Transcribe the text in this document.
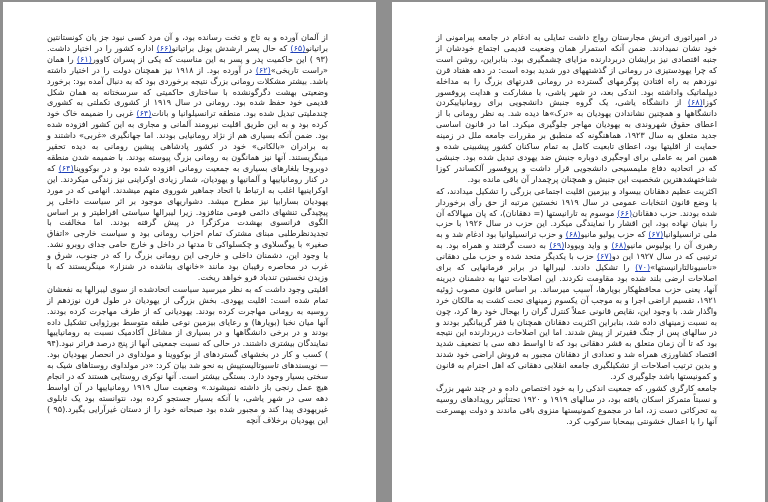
از آلمان آورده و به تاج و تخت رسانده بود، و آن مرد کسی نبود جز یان کونستانتین براتیانو(۶۵) که حال پسر ارشدش یونل براتیانو(۶۶) اداره کشور را در اختیار داشت.(۹۳ ) این حاکمیت پدر و پسر به این مناسبت که یکی از پسران کاوور(۶۱) را همان «راست تاریخی»(۶۲) در آورده بود. از ۱۹۱۸ نیز همچنان دولت را در اختیار داشته باشد. بیشتر مشکلات رومانی بزرگ نتیجه برخوردی بود که به دنبال آمده بود: برخورد وضعیتی بهشت دگرگونشده با ساختاری حاکمیتی که سرسختانه به همان شکل قدیمی خود حفظ شده بود. رومانی در سال ۱۹۱۹ از کشوری تکملتی به کشوری چندملیتی تبدیل شده بود. منطقه ترانسیلوانیا و بانات(۶۴) غربی را ضمیمه خاک خود کرده بود و به این طریق اقلیت نیرومند آلمانی و مجاری به این کشور افزوده شده بود. ضمن آنکه بسیاری هم از نژاد رومانیایی بودند. اما جهانگیری «غربی» داشتند و به برادران «بالکانی» خود در کشور پادشاهی پیشین رومانی به دیده تحقیر مینگریستند. آنها نیز همانگون به رومانی بزرگ پیوسته بودند. با ضمیمه شدن منطقه دوبروجا بلغارهای بسیاری به جمعیت رومانی افزوده شده بود و در بوکووینا(۶۴) که در کنار رومانیاییها و آلمانیها و یهودیان، شمار زیادی اوکراینی نیز زندگی میکردند. این اوکراینیها اغلب به ارتباط با اتحاد جماهیر شوروی متهم میشدند. انهامی که در مورد یهودیان بسارابیا نیز مطرح میشد. دشواریهای موجود بر اثر سیاست داخلی پر پیچیدگی تنشهای دائمی قومی متافزود. زیرا لیبرالها سیاستی افراطیتر و بر اساس الگوی فرانسوی بهشدت مرکزگرا در پیش گرفته بودند. اما مخالفت با تجدیدنظرطلبی مبنای مشترک تمام احزاب رومانی بود و سیاست خارجی «اتفاق صغیر» با یوگسلاوی و چکسلواکی تا مدتها در داخل و خارج حامی جدای روبرو نشد. با وجود این، دشمنان داخلی و خارجی این رومانی بزرگ را که در جنوب، شرق و غرب در محاصره رقیبان بود مانند «خانهای بناشده در شنزار» مینگریستند که با وزیدن نخستین تندباد فرو خواهد ریخت.

اقلیتی وجود داشت که به نظر میرسید سیاست اتحادشده از سوی لیبرالها به نفعشان تمام شده است: اقلیت یهودی. بخش بزرگی از یهودیان در طول قرن نوزدهم از روسیه به رومانی مهاجرت کرده بودند. یهودیانی که از طرف مهاجرت کرده بودند. آنها میان نخبا (بویارها) و رعایای بیزمین نوعی طبقه متوسط بورژوایی تشکیل داده بودند و در برخی دانشگاهها و در بسیاری از مشاغل آکادمیک نسبت به رومانیاییها نمایندگان بیشتری داشتند. در حالی که نسبت جمعیتی آنها از پنج درصد فراتر نبود.(۹۴ ) کسب و کار در بخشهای گستردهای از بوکووینا و مولداوی در انحصار یهودیان بود. — نویسندهای تاسیوتالیستپیش به نحو شد بیان کرد: «در مولداوی روستاهای شیک به سختی بسیار وجود دارد. بستگی بیشتر است. آنها نوکری روستایی هستند که در انجام هیچ عمل رنجی باز داشته نمیشوند.» وضعیت سال ۱۹۱۹ رومانیاییها در آن اواسط دهه سی در شهر یاشی، با آنکه بسیار جستجو کرده بود، نتوانسته بود یک تابلوی غیریهودی پیدا کند و مجبور شده بود صبحانه خود را از دستان غیرآرایی بگیرد.(۹۵ ) این یهودیان برخلاف آنچه

در امپراتوری اتریش مجارستان رواج داشت تمایلی به ادغام در جامعه پیرامونی از خود نشان نمیدادند. ضمن آنکه استمرار همان وضعیت قدیمی اجتماع خودشان از جنبه اقتصادی نیز برایشان دربردارنده مزایای چشمگیری بود. بنابراین، روشن است که چرا یهودستیزی در رومانی از گذشتههای دور شدید بوده است: در دهه هفتاد قرن نوزدهم به راه افتادن پوگرمهای گسترده در رومانی قدرتهای بزرگ را به مداخله دیپلماتیک واداشته بود. اندکی بعد، در شهر یاشی، با مشارکت و هدایت پروفسور کوزا(۶۸) از دانشگاه یاشی، یک گروه جنبش دانشجویی برای رومانیاییکردن دانشگاهها و همچنین نشاندادن یهودیان به «ترک»ها دیده شد. به نظر رومانی با از اعطای حقوق شهروندی به یهودیان مهاجر جلوگیری میکرد. اما در قانون اساسی جدید متعلق به سال ۱۹۲۳، هماهنگونه که منطبق بر مقررات جامعه ملل در زمینه حمایت از اقلیتها بود، اعطای تابعیت کامل به تمام ساکنان کشور پیشبینی شده و همین امر به عاملی برای اوجگیری دوباره جنبش ضد یهودی تبدیل شده بود. جنبشی که در اتحادیه دفاع ملیمسیحی دانشجویی قرار داشت و پروفسور آلکساندر کوزا شناختهشدهترین شخصیت این جنبش و همچنان پرچمدار آن باقی مانده بود.

اکثریت عظیم دهقانان بیسواد و بیزمین اقلیت اجتماعی بزرگی را تشکیل میدادند، که با وضع قانون انتخابات عمومی در سال ۱۹۱۹ نخستین مرتبه از حق رأی برخوردار شده بودند. حزب دهقانان(۶۶) موسوم به تارانیستها (= دهقانان)، که پان میهالاکه آن را بنیان نهاده بود، این اقشار را نمایندگی میکرد. این حزب در سال ۱۹۲۶ با حزب ملی ترانسیلوانیا(۶۷) که حزب یولیو مانیو(۶۸) و حزب ترانسیلوانیا بود ادغام شد و به رهبری آن را یولیوس مانیو(۶۸) و واید ویوودا(۶۹) به دست گرفتند و همراه بود. به ترتیبی که در سال ۱۹۲۷ این دو(۶۷) حزب با یکدیگر متحد شده و حزب ملی دهقانی «ناسیونالتارانیستها»(۷۰) را تشکیل دادند. لیبرالها در برابر فرمانهایی که برای اصلاحات ارضی بلند شده بود مقاومت نکردند. این اصلاحات تنها به دشمنان دیرینه آنها، یعنی حزب محافظهکار بویارها، آسیب میرساند. بر اساس قانون مصوب ژوئیه ۱۹۲۱، تقسیم اراضی اجرا و به موجب آن یکسوم زمینهای تحت کشت به مالکان خرد واگذار شد. با وجود این، نقایص قانونی عملاً کنترل گران را بهحال خود رها کرد، چون به نسبت زمینهای داده شد، بنابراین اکثریت دهقانان همچنان با فقر گریبانگیر بودند و در سالهای پس از جنگ فقیرتر از پیش شدند. اما این اصلاحات دربردارنده این نتیجه بود که تا آن زمان متعلق به قشر دهقانی بود که تا اواسط دهه سی با تضعیف شدید اقتصاد کشاورزی همراه شد و تعدادی از دهقانان مجبور به فروش اراضی خود شدند و بدین ترتیب اصلاحات از تشکیلگیری جامعه انقلابی دهقانی که اهل احترام به قانون و کمونیستها باشد جلوگیری کرد.

جامعه کارگری کشور، که جمعیت اندکی را به خود اختصاص داده و در چند شهر بزرگ و نسبتاً متمرکز اسکان یافته بود، در سالهای ۱۹۱۹ و ۱۹۲۰ تحتتأثیر رویدادهای روسیه به تحرکاتی دست زد، اما در مجموع کمونیستها منزوی باقی ماندند و دولت بهسرعت آنها را با اعمال خشونتی بیمحابا سرکوب کرد.
